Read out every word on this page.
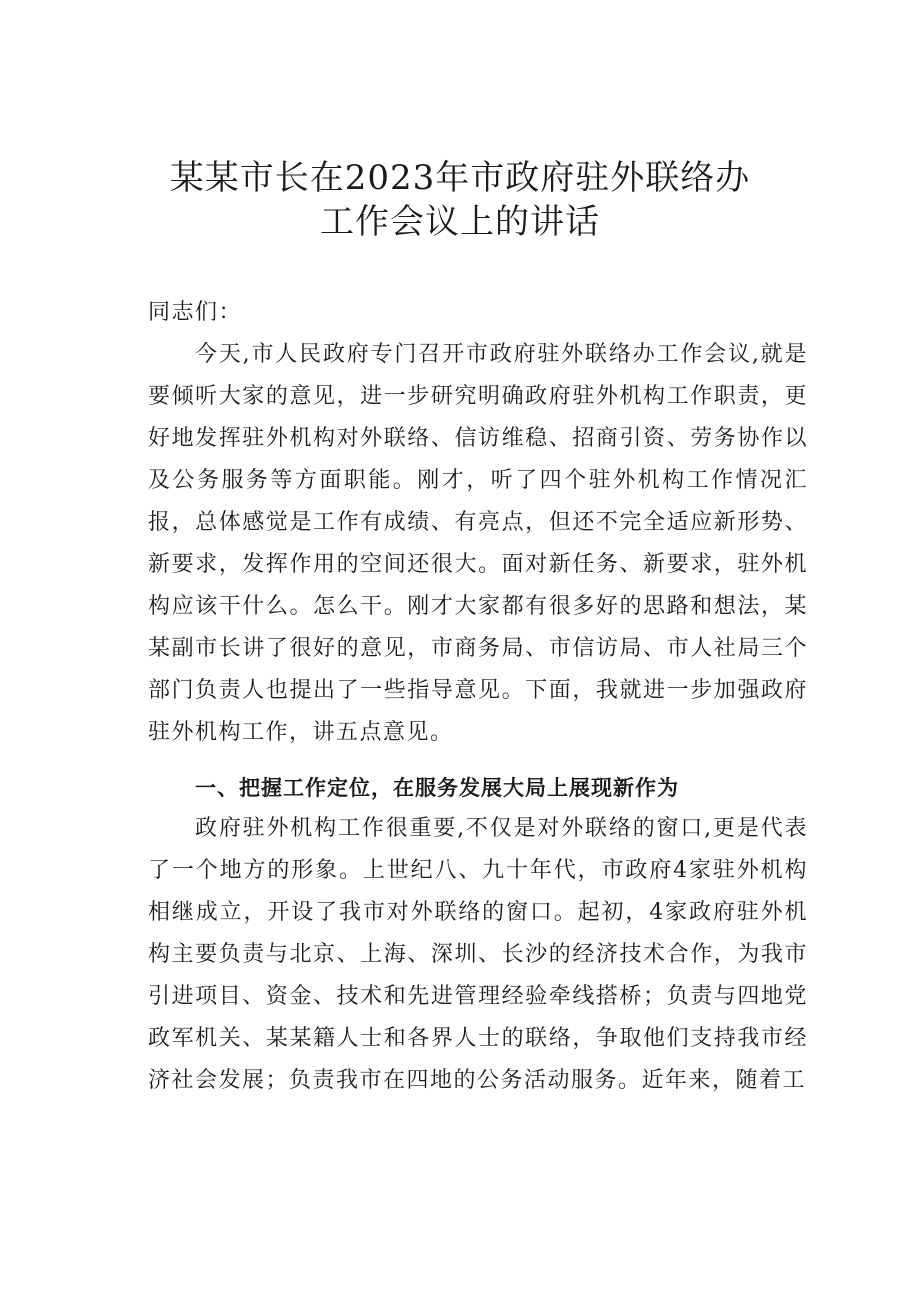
某某市长在2023年市政府驻外联络办
工作会议上的讲话

同志们：

今天,市人民政府专门召开市政府驻外联络办工作会议,就是要倾听大家的意见，进一步研究明确政府驻外机构工作职责，更好地发挥驻外机构对外联络、信访维稳、招商引资、劳务协作以及公务服务等方面职能。刚才，听了四个驻外机构工作情况汇报，总体感觉是工作有成绩、有亮点，但还不完全适应新形势、新要求，发挥作用的空间还很大。面对新任务、新要求，驻外机构应该干什么。怎么干。刚才大家都有很多好的思路和想法，某某副市长讲了很好的意见，市商务局、市信访局、市人社局三个部门负责人也提出了一些指导意见。下面，我就进一步加强政府驻外机构工作，讲五点意见。

一、把握工作定位，在服务发展大局上展现新作为

政府驻外机构工作很重要,不仅是对外联络的窗口,更是代表了一个地方的形象。上世纪八、九十年代，市政府4家驻外机构相继成立，开设了我市对外联络的窗口。起初，4家政府驻外机构主要负责与北京、上海、深圳、长沙的经济技术合作，为我市引进项目、资金、技术和先进管理经验牵线搭桥；负责与四地党政军机关、某某籍人士和各界人士的联络，争取他们支持我市经济社会发展；负责我市在四地的公务活动服务。近年来，随着工
